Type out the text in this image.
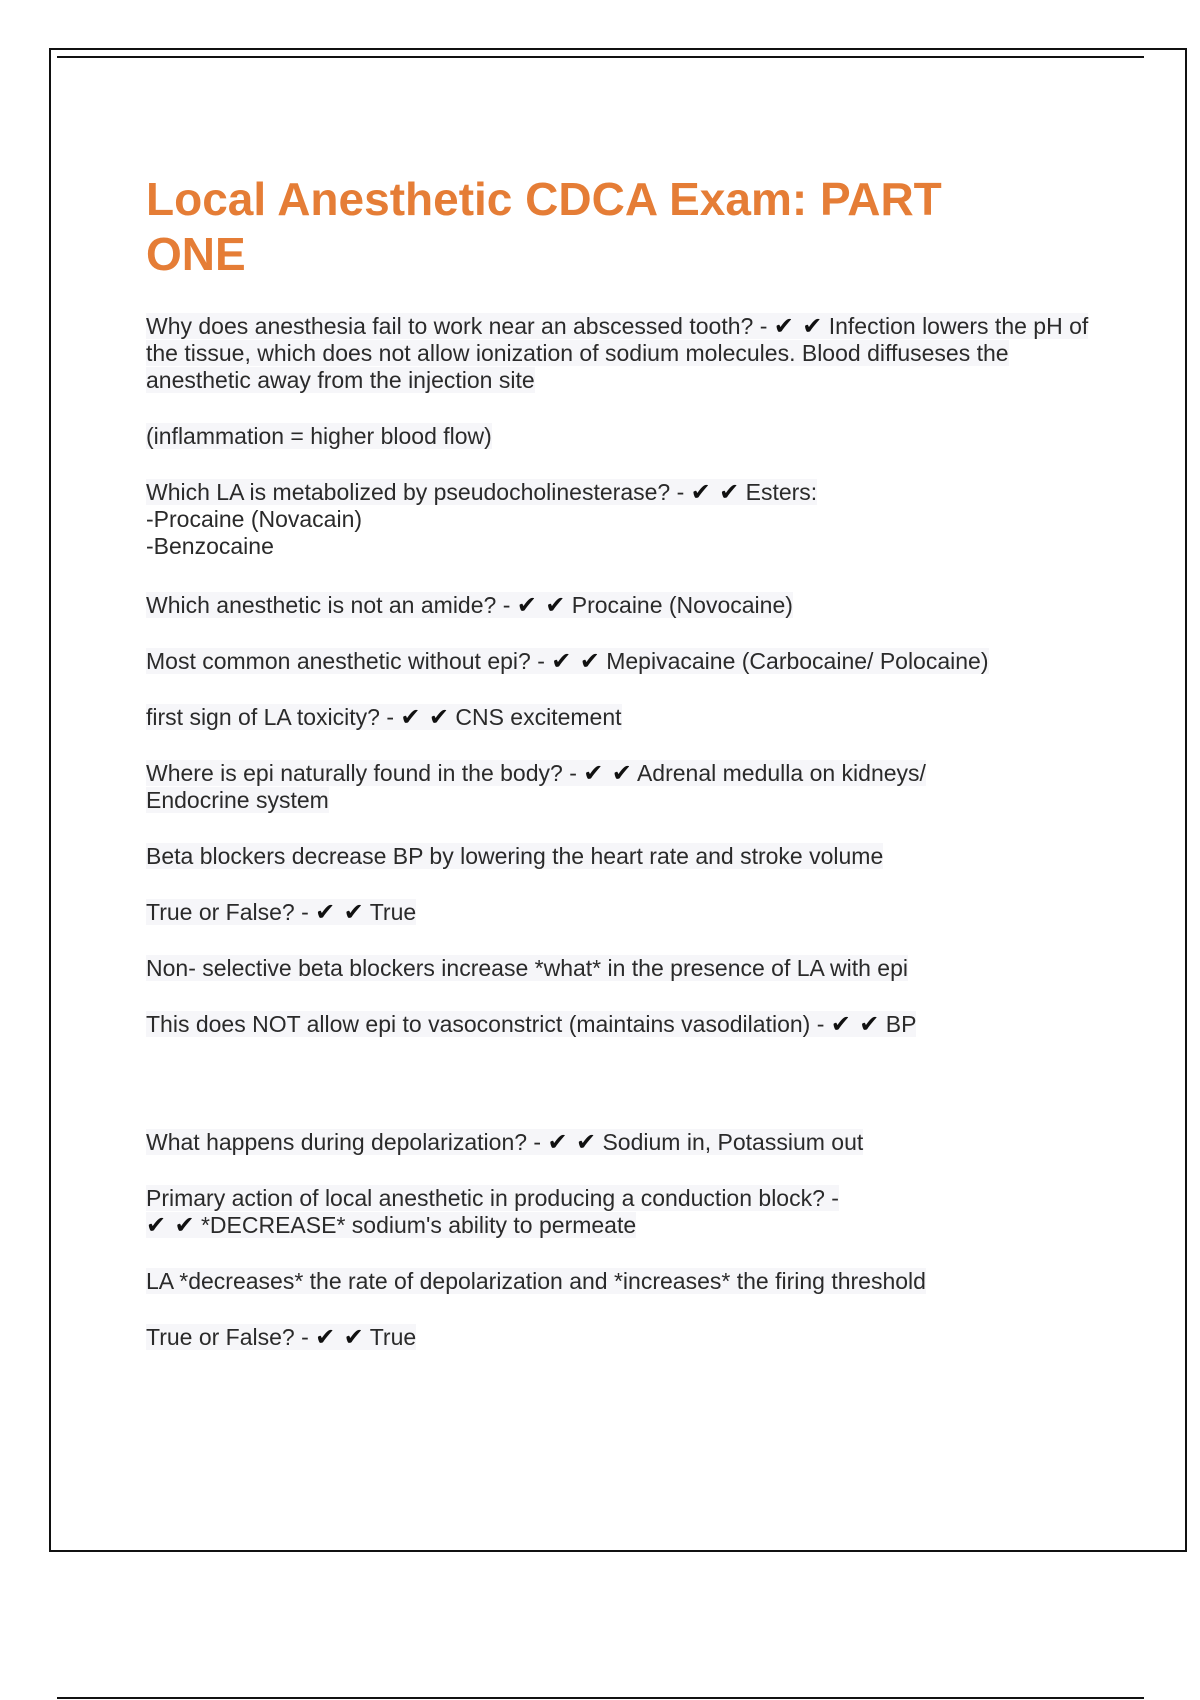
Local Anesthetic CDCA Exam: PART ONE

Why does anesthesia fail to work near an abscessed tooth? - ✔ ✔ Infection lowers the pH of the tissue, which does not allow ionization of sodium molecules. Blood diffuseses the anesthetic away from the injection site

(inflammation = higher blood flow)

Which LA is metabolized by pseudocholinesterase? - ✔ ✔ Esters:
-Procaine (Novacain)
-Benzocaine

Which anesthetic is not an amide? - ✔ ✔ Procaine (Novocaine)

Most common anesthetic without epi? - ✔ ✔ Mepivacaine (Carbocaine/ Polocaine)

first sign of LA toxicity? - ✔ ✔ CNS excitement

Where is epi naturally found in the body? - ✔ ✔ Adrenal medulla on kidneys/ Endocrine system

Beta blockers decrease BP by lowering the heart rate and stroke volume

True or False? - ✔ ✔ True

Non- selective beta blockers increase *what* in the presence of LA with epi

This does NOT allow epi to vasoconstrict (maintains vasodilation) - ✔ ✔ BP

What happens during depolarization? - ✔ ✔ Sodium in, Potassium out

Primary action of local anesthetic in producing a conduction block? - ✔ ✔ *DECREASE* sodium's ability to permeate

LA *decreases* the rate of depolarization and *increases* the firing threshold

True or False? - ✔ ✔ True
